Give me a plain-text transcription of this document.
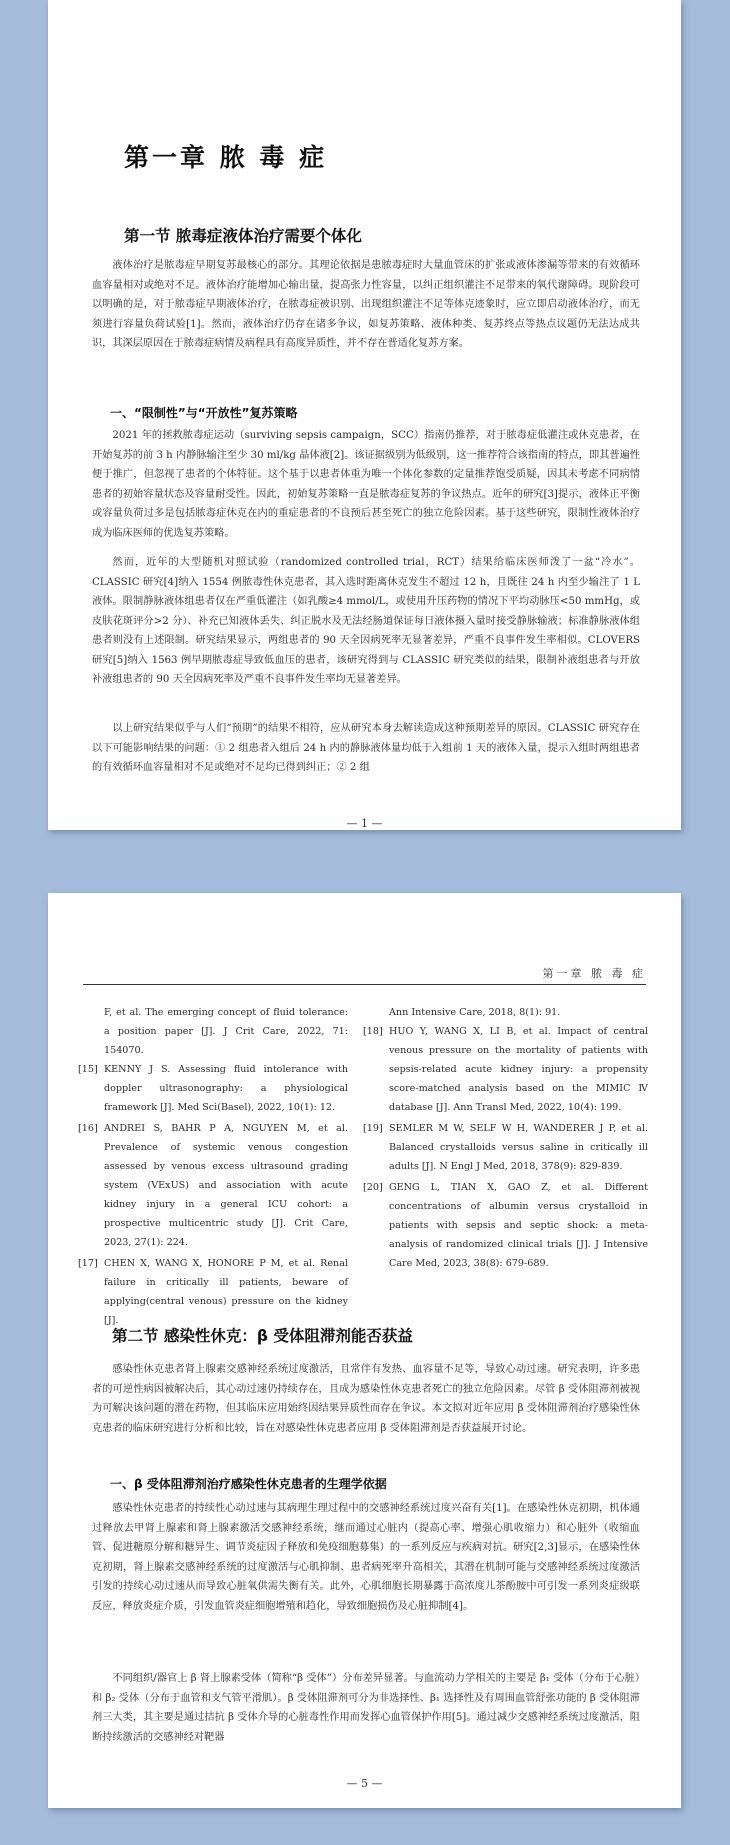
第一章 脓 毒 症
第一节 脓毒症液体治疗需要个体化

液体治疗是脓毒症早期复苏最核心的部分。其理论依据是患脓毒症时大量血管床的扩张或液体渗漏等带来的有效循环血容量相对或绝对不足。液体治疗能增加心输出量，提高张力性容量，以纠正组织灌注不足带来的氧代谢障碍。现阶段可以明确的是，对于脓毒症早期液体治疗，在脓毒症被识别、出现组织灌注不足等体克迹象时，应立即启动液体治疗，而无须进行容量负荷试验[1]。然而，液体治疗仍存在诸多争议，如复苏策略、液体种类、复苏终点等热点议题仍无法达成共识，其深层原因在于脓毒症病情及病程具有高度异质性，并不存在普适化复苏方案。

一、“限制性”与“开放性”复苏策略

2021 年的拯救脓毒症运动（surviving sepsis campaign，SCC）指南仍推荐，对于脓毒症低灌注或休克患者，在开始复苏的前 3 h 内静脉输注至少 30 ml/kg 晶体液[2]。该证据级别为低级别，这一推荐符合该指南的特点，即其普遍性便于推广，但忽视了患者的个体特征。这个基于以患者体重为唯一个体化参数的定量推荐饱受质疑，因其未考虑不同病情患者的初始容量状态及容量耐受性。因此，初始复苏策略一直是脓毒症复苏的争议热点。近年的研究[3]提示，液体正平衡或容量负荷过多是包括脓毒症休克在内的重症患者的不良预后甚至死亡的独立危险因素。基于这些研究，限制性液体治疗成为临床医师的优选复苏策略。

然而，近年的大型随机对照试验（randomized controlled trial，RCT）结果给临床医师泼了一盆“冷水”。CLASSIC 研究[4]纳入 1554 例脓毒性休克患者，其入选时距离休克发生不超过 12 h，且既往 24 h 内至少输注了 1 L 液体。限制静脉液体组患者仅在严重低灌注（如乳酸≥4 mmol/L，或使用升压药物的情况下平均动脉压<50 mmHg，或皮肤花斑评分>2 分）、补充已知液体丢失、纠正脱水及无法经肠道保证每日液体摄入量时接受静脉输液；标准静脉液体组患者则没有上述限制。研究结果显示，两组患者的 90 天全因病死率无显著差异，严重不良事件发生率相似。CLOVERS 研究[5]纳入 1563 例早期脓毒症导致低血压的患者，该研究得到与 CLASSIC 研究类似的结果，限制补液组患者与开放补液组患者的 90 天全因病死率及严重不良事件发生率均无显著差异。

以上研究结果似乎与人们“预期”的结果不相符，应从研究本身去解读造成这种预期差异的原因。CLASSIC 研究存在以下可能影响结果的问题：① 2 组患者入组后 24 h 内的静脉液体量均低于入组前 1 天的液体入量，提示入组时两组患者的有效循环血容量相对不足或绝对不足均已得到纠正；② 2 组

— 1 —
第一章 脓 毒 症
F, et al. The emerging concept of fluid tolerance: a position paper [J]. J Crit Care, 2022, 71: 154070.
[15] KENNY J S. Assessing fluid intolerance with doppler ultrasonography: a physiological framework [J]. Med Sci(Basel), 2022, 10(1): 12.
[16] ANDREI S, BAHR P A, NGUYEN M, et al. Prevalence of systemic venous congestion assessed by venous excess ultrasound grading system (VExUS) and association with acute kidney injury in a general ICU cohort: a prospective multicentric study [J]. Crit Care, 2023, 27(1): 224.
[17] CHEN X, WANG X, HONORE P M, et al. Renal failure in critically ill patients, beware of applying(central venous) pressure on the kidney [J].
Ann Intensive Care, 2018, 8(1): 91.
[18] HUO Y, WANG X, LI B, et al. Impact of central venous pressure on the mortality of patients with sepsis-related acute kidney injury: a propensity score-matched analysis based on the MIMIC Ⅳ database [J]. Ann Transl Med, 2022, 10(4): 199.
[19] SEMLER M W, SELF W H, WANDERER J P, et al. Balanced crystalloids versus saline in critically ill adults [J]. N Engl J Med, 2018, 378(9): 829-839.
[20] GENG L, TIAN X, GAO Z, et al. Different concentrations of albumin versus crystalloid in patients with sepsis and septic shock: a meta-analysis of randomized clinical trials [J]. J Intensive Care Med, 2023, 38(8): 679-689.
第二节 感染性休克：β 受体阻滞剂能否获益

感染性休克患者肾上腺素交感神经系统过度激活，且常伴有发热、血容量不足等，导致心动过速。研究表明，许多患者的可逆性病因被解决后，其心动过速仍持续存在，且成为感染性休克患者死亡的独立危险因素。尽管 β 受体阻滞剂被视为可解决该问题的潜在药物，但其临床应用始终因结果异质性而存在争议。本文拟对近年应用 β 受体阻滞剂治疗感染性休克患者的临床研究进行分析和比较，旨在对感染性休克患者应用 β 受体阻滞剂是否获益展开讨论。

一、β 受体阻滞剂治疗感染性休克患者的生理学依据

感染性休克患者的持续性心动过速与其病理生理过程中的交感神经系统过度兴奋有关[1]。在感染性休克初期，机体通过释放去甲肾上腺素和肾上腺素激活交感神经系统，继而通过心脏内（提高心率、增强心肌收缩力）和心脏外（收缩血管、促进糖原分解和糖异生、调节炎症因子释放和免疫细胞募集）的一系列反应与疾病对抗。研究[2,3]显示，在感染性休克初期，肾上腺素交感神经系统的过度激活与心肌抑制、患者病死率升高相关，其潜在机制可能与交感神经系统过度激活引发的持续心动过速从而导致心脏氧供需失衡有关。此外，心肌细胞长期暴露于高浓度儿茶酚胺中可引发一系列炎症级联反应，释放炎症介质，引发血管炎症细胞增殖和趋化，导致细胞损伤及心脏抑制[4]。

不同组织/器官上 β 肾上腺素受体（简称“β 受体”）分布差异显著。与血流动力学相关的主要是 β₁ 受体（分布于心脏）和 β₂ 受体（分布于血管和支气管平滑肌）。β 受体阻滞剂可分为非选择性、β₁ 选择性及有周围血管舒张功能的 β 受体阻滞剂三大类，其主要是通过拮抗 β 受体介导的心脏毒性作用而发挥心血管保护作用[5]。通过减少交感神经系统过度激活，阻断持续激活的交感神经对靶器

— 5 —
